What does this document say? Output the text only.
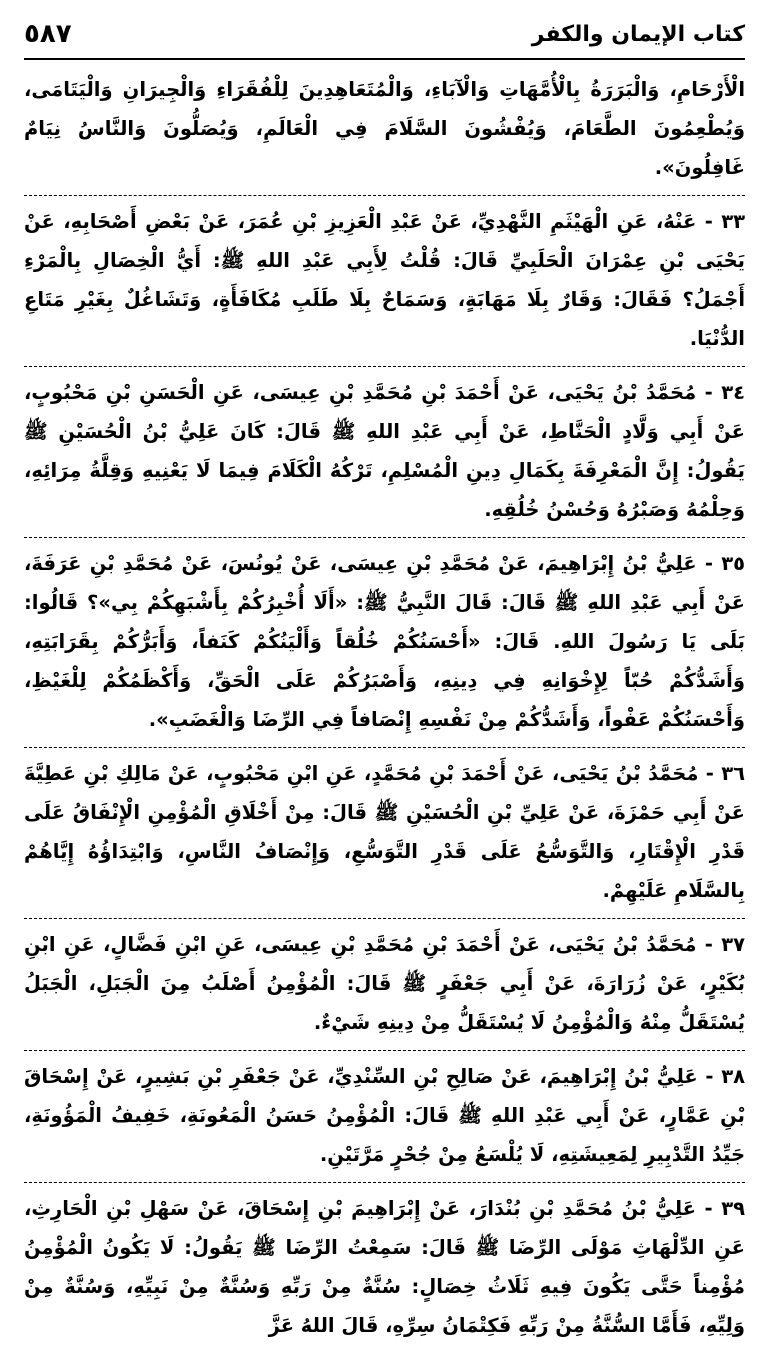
٥٨٧	كتاب الإيمان والكفر

الْأَرْحَامِ، وَالْبَرَرَةُ بِالْأُمَّهَاتِ وَالْآبَاءِ، وَالْمُتَعَاهِدِينَ لِلْفُقَرَاءِ وَالْجِيرَانِ وَالْيَتَامَى، وَيُطْعِمُونَ الطَّعَامَ، وَيُفْشُونَ السَّلَامَ فِي الْعَالَمِ، وَيُصَلُّونَ وَالنَّاسُ نِيَامٌ غَافِلُونَ».

٣٣ - عَنْهُ، عَنِ الْهَيْثَمِ النَّهْدِيِّ، عَنْ عَبْدِ الْعَزِيزِ بْنِ عُمَرَ، عَنْ بَعْضِ أَصْحَابِهِ، عَنْ يَحْيَى بْنِ عِمْرَانَ الْحَلَبِيِّ قَالَ: قُلْتُ لِأَبِي عَبْدِ اللهِ ﷺ: أَيُّ الْخِصَالِ بِالْمَرْءِ أَجْمَلُ؟ فَقَالَ: وَقَارٌ بِلَا مَهَابَةٍ، وَسَمَاحٌ بِلَا طَلَبِ مُكَافَأَةٍ، وَتَشَاغُلٌ بِغَيْرِ مَتَاعِ الدُّنْيَا.

٣٤ - مُحَمَّدُ بْنُ يَحْيَى، عَنْ أَحْمَدَ بْنِ مُحَمَّدِ بْنِ عِيسَى، عَنِ الْحَسَنِ بْنِ مَحْبُوبٍ، عَنْ أَبِي وَلَّادٍ الْحَنَّاطِ، عَنْ أَبِي عَبْدِ اللهِ ﷺ قَالَ: كَانَ عَلِيُّ بْنُ الْحُسَيْنِ ﷺ يَقُولُ: إِنَّ الْمَعْرِفَةَ بِكَمَالِ دِينِ الْمُسْلِمِ، تَرْكُهُ الْكَلَامَ فِيمَا لَا يَعْنِيهِ وَقِلَّةُ مِرَائِهِ، وَحِلْمُهُ وَصَبْرُهُ وَحُسْنُ خُلُقِهِ.

٣٥ - عَلِيُّ بْنُ إِبْرَاهِيمَ، عَنْ مُحَمَّدِ بْنِ عِيسَى، عَنْ يُونُسَ، عَنْ مُحَمَّدِ بْنِ عَرَفَةَ، عَنْ أَبِي عَبْدِ اللهِ ﷺ قَالَ: قَالَ النَّبِيُّ ﷺ: «أَلَا أُخْبِرُكُمْ بِأَشْبَهِكُمْ بِي»؟ قَالُوا: بَلَى يَا رَسُولَ اللهِ. قَالَ: «أَحْسَنُكُمْ خُلُقاً وَأَلْيَنُكُمْ كَنَفاً، وَأَبَرُّكُمْ بِقَرَابَتِهِ، وَأَشَدُّكُمْ حُبّاً لِإِخْوَانِهِ فِي دِينِهِ، وَأَصْبَرُكُمْ عَلَى الْحَقِّ، وَأَكْظَمُكُمْ لِلْغَيْظِ، وَأَحْسَنُكُمْ عَفْواً، وَأَشَدُّكُمْ مِنْ نَفْسِهِ إِنْصَافاً فِي الرِّضَا وَالْغَضَبِ».

٣٦ - مُحَمَّدُ بْنُ يَحْيَى، عَنْ أَحْمَدَ بْنِ مُحَمَّدٍ، عَنِ ابْنِ مَحْبُوبٍ، عَنْ مَالِكِ بْنِ عَطِيَّةَ عَنْ أَبِي حَمْزَةَ، عَنْ عَلِيِّ بْنِ الْحُسَيْنِ ﷺ قَالَ: مِنْ أَخْلَاقِ الْمُؤْمِنِ الْإِنْفَاقُ عَلَى قَدْرِ الْإِقْتَارِ، وَالتَّوَسُّعُ عَلَى قَدْرِ التَّوَسُّعِ، وَإِنْصَافُ النَّاسِ، وَابْتِدَاؤُهُ إِيَّاهُمْ بِالسَّلَامِ عَلَيْهِمْ.

٣٧ - مُحَمَّدُ بْنُ يَحْيَى، عَنْ أَحْمَدَ بْنِ مُحَمَّدِ بْنِ عِيسَى، عَنِ ابْنِ فَضَّالٍ، عَنِ ابْنِ بُكَيْرٍ، عَنْ زُرَارَةَ، عَنْ أَبِي جَعْفَرٍ ﷺ قَالَ: الْمُؤْمِنُ أَصْلَبُ مِنَ الْجَبَلِ، الْجَبَلُ يُسْتَقَلُّ مِنْهُ وَالْمُؤْمِنُ لَا يُسْتَقَلُّ مِنْ دِينِهِ شَيْءٌ.

٣٨ - عَلِيُّ بْنُ إِبْرَاهِيمَ، عَنْ صَالِحِ بْنِ السِّنْدِيِّ، عَنْ جَعْفَرِ بْنِ بَشِيرٍ، عَنْ إِسْحَاقَ بْنِ عَمَّارٍ، عَنْ أَبِي عَبْدِ اللهِ ﷺ قَالَ: الْمُؤْمِنُ حَسَنُ الْمَعُونَةِ، خَفِيفُ الْمَؤُونَةِ، جَيِّدُ التَّدْبِيرِ لِمَعِيشَتِهِ، لَا يُلْسَعُ مِنْ جُحْرٍ مَرَّتَيْنِ.

٣٩ - عَلِيُّ بْنُ مُحَمَّدِ بْنِ بُنْدَارَ، عَنْ إِبْرَاهِيمَ بْنِ إِسْحَاقَ، عَنْ سَهْلِ بْنِ الْحَارِثِ، عَنِ الدِّلْهَاثِ مَوْلَى الرِّضَا ﷺ قَالَ: سَمِعْتُ الرِّضَا ﷺ يَقُولُ: لَا يَكُونُ الْمُؤْمِنُ مُؤْمِناً حَتَّى يَكُونَ فِيهِ ثَلَاثُ خِصَالٍ: سُنَّةٌ مِنْ رَبِّهِ وَسُنَّةٌ مِنْ نَبِيِّهِ، وَسُنَّةٌ مِنْ وَلِيِّهِ، فَأَمَّا السُّنَّةُ مِنْ رَبِّهِ فَكِتْمَانُ سِرِّهِ، قَالَ اللهُ عَزَّ
